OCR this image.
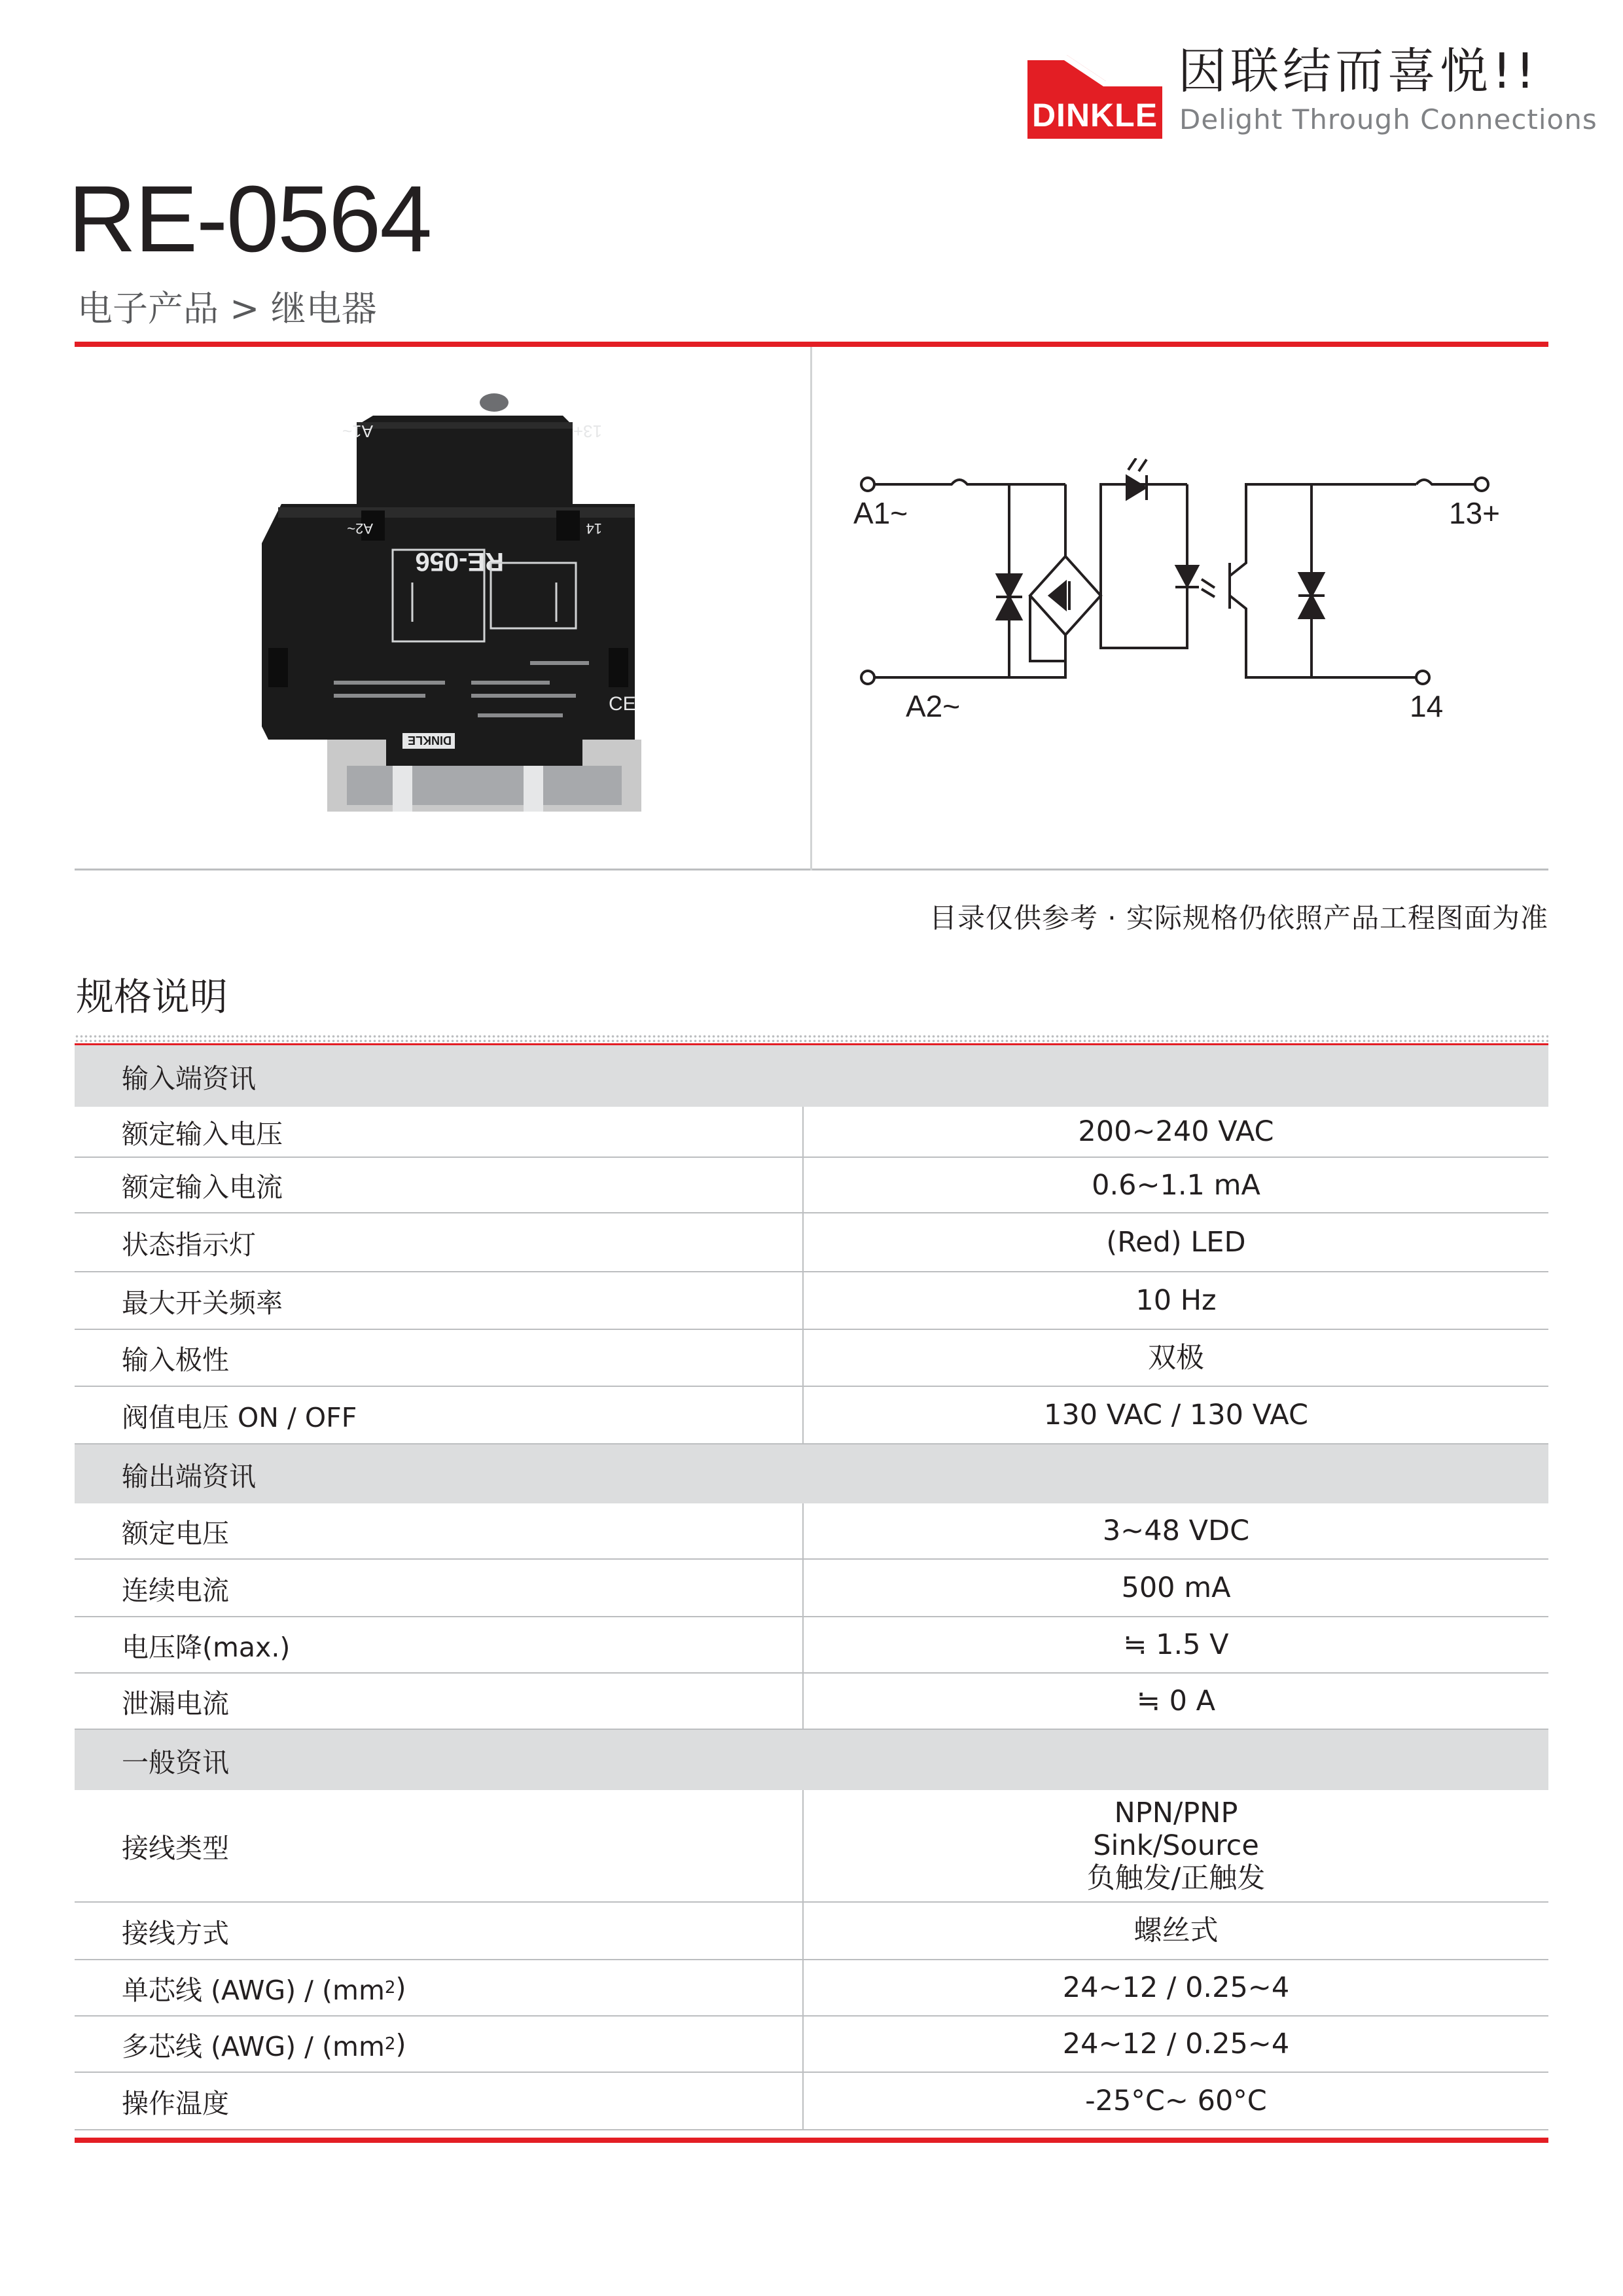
DINKLE
因联结而喜悦!!
Delight Through Connections
RE-0564
电子产品 > 继电器
RE-056
A2~	14
A1~	13+
DINKLE
CE
A1~
A2~
13+
14
目录仅供参考 · 实际规格仍依照产品工程图面为准
规格说明
输入端资讯
额定输入电压	200~240 VAC
额定输入电流	0.6~1.1 mA
状态指示灯	(Red) LED
最大开关频率	10 Hz
输入极性	双极
阀值电压 ON / OFF	130 VAC / 130 VAC
输出端资讯
额定电压	3~48 VDC
连续电流	500 mA
电压降(max.)	≒ 1.5 V
泄漏电流	≒ 0 A
一般资讯
接线类型
NPN/PNP
Sink/Source
负触发/正触发
接线方式	螺丝式
单芯线 (AWG) / (mm 2 )	24~12 / 0.25~4
多芯线 (AWG) / (mm 2 )	24~12 / 0.25~4
操作温度	-25°C~ 60°C
